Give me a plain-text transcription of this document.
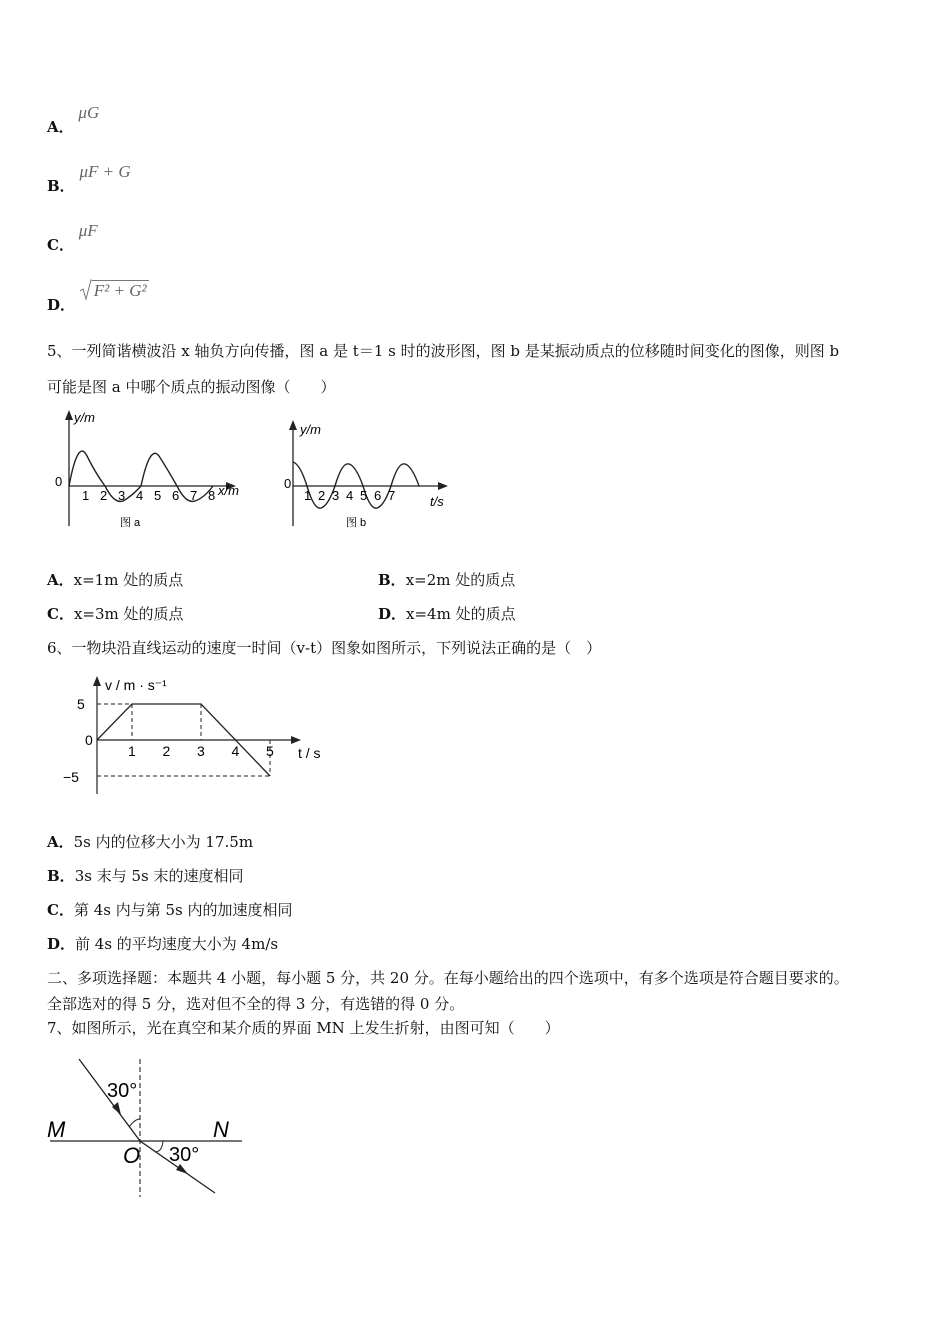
A． μG
B． μF + G
C． μF
D．
F² + G²
5、一列简谐横波沿 x 轴负方向传播，图 a 是 t＝1 s 时的波形图，图 b 是某振动质点的位移随时间变化的图像，则图 b
可能是图 a 中哪个质点的振动图像（　　）
y/m
0
x/m
1 2 3 4 5 6 7 8
图 a
y/m
0
t/s
1 2 3 4 5 6 7
图 b
A．x=1m 处的质点	B．x=2m 处的质点
C．x=3m 处的质点	D．x=4m 处的质点
6、一物块沿直线运动的速度一时间（v-t）图象如图所示，下列说法正确的是（　）
v / m · s⁻¹
5
0
−5
t / s
1 2 3 4 5
A．5s 内的位移大小为 17.5m
B．3s 末与 5s 末的速度相同
C．第 4s 内与第 5s 内的加速度相同
D．前 4s 的平均速度大小为 4m/s
二、多项选择题：本题共 4 小题，每小题 5 分，共 20 分。在每小题给出的四个选项中，有多个选项是符合题目要求的。
全部选对的得 5 分，选对但不全的得 3 分，有选错的得 0 分。
7、如图所示，光在真空和某介质的界面 MN 上发生折射，由图可知（　　）
30°
30°
M	N
O
